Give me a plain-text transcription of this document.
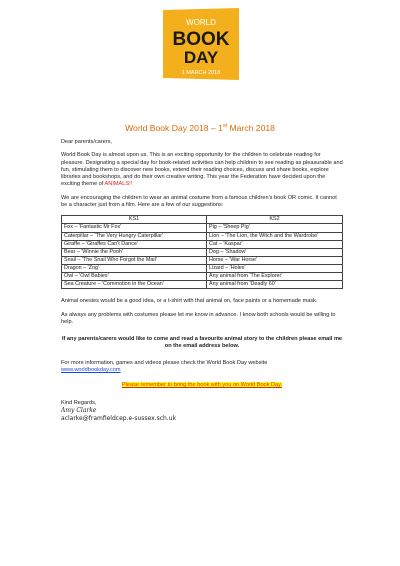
WORLD
BOOK
DAY
1 MARCH 2018
World Book Day 2018 – 1st March 2018

Dear parents/carers,

World Book Day is almost upon us. This is an exciting opportunity for the children to celebrate reading for pleasure. Designating a special day for book-related activities can help children to see reading as pleasurable and fun, stimulating them to discover new books, extend their reading choices, discuss and share books, explore libraries and bookshops, and do their own creative writing. This year the Federation have decided upon the exciting theme of ANIMALS!!

We are encouraging the children to wear an animal costume from a famous children's book OR comic. It cannot be a character just from a film. Here are a few of our suggestions:

KS1	KS2
Fox – 'Fantastic Mr Fox'	Pig – 'Sheep Pig'
Caterpillar – 'The Very Hungry Caterpillar'	Lion – 'The Lion, the Witch and the Wardrobe'
Giraffe – 'Giraffes Can't Dance'	Cat – 'Kaspar'
Bear – 'Winnie the Pooh'	Dog – 'Shadow'
Snail – 'The Snail Who Forgot the Mail'	Horse – 'War Horse'
Dragon – 'Zog'	Lizard – 'Holes'
Owl – 'Owl Babies'	Any animal from 'The Explorer'
Sea Creature – 'Commotion in the Ocean'	Any animal from 'Deadly 60'

Animal onesies would be a good idea, or a t-shirt with that animal on, face paints or a homemade mask.

As always any problems with costumes please let me know in advance. I know both schools would be willing to help.

If any parents/carers would like to come and read a favourite animal story to the children please email me on the email address below.

For more information, games and videos please check the World Book Day website
www.worldbookday.com

Please remember to bring the book with you on World Book Day.

Kind Regards,
Amy Clarke
aclarke@framfieldcep.e-sussex.sch.uk
